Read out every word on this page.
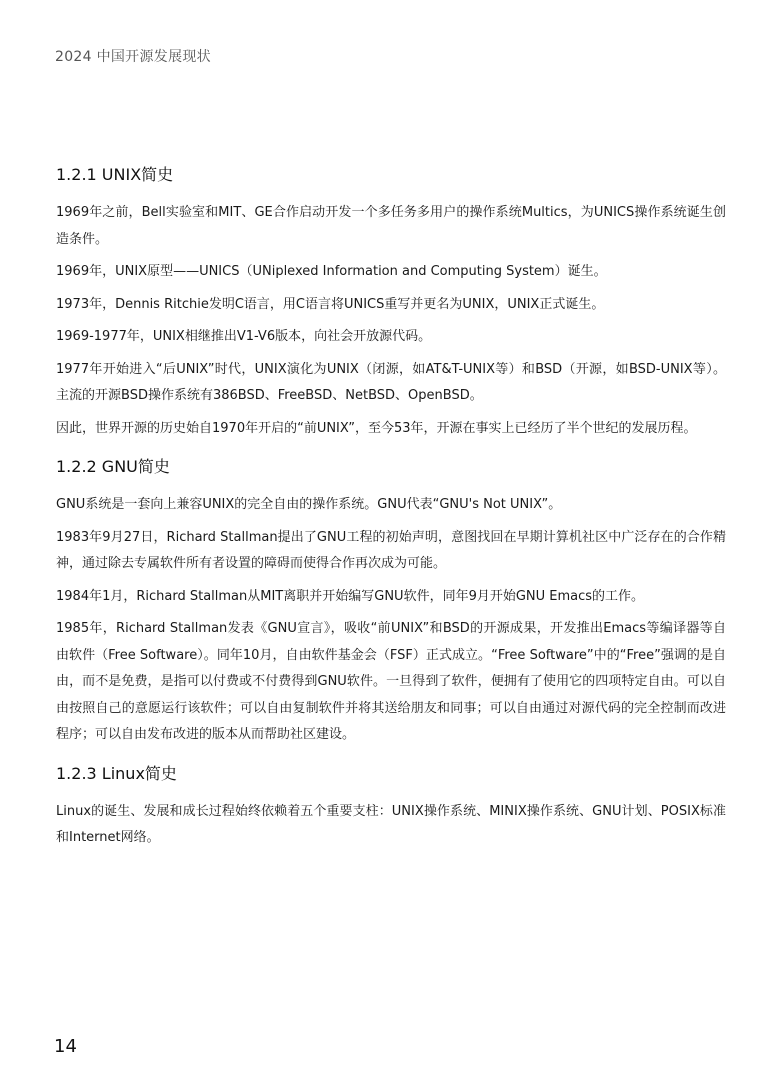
2024 中国开源发展现状
1.2.1 UNIX简史

1969年之前，Bell实验室和MIT、GE合作启动开发一个多任务多用户的操作系统Multics，为UNICS操作系统诞生创造条件。

1969年，UNIX原型——UNICS（UNiplexed Information and Computing System）诞生。

1973年，Dennis Ritchie发明C语言，用C语言将UNICS重写并更名为UNIX，UNIX正式诞生。

1969-1977年，UNIX相继推出V1-V6版本，向社会开放源代码。

1977年开始进入“后UNIX”时代，UNIX演化为UNIX（闭源，如AT&T-UNIX等）和BSD（开源，如BSD-UNIX等）。主流的开源BSD操作系统有386BSD、FreeBSD、NetBSD、OpenBSD。

因此，世界开源的历史始自1970年开启的“前UNIX”，至今53年，开源在事实上已经历了半个世纪的发展历程。

1.2.2 GNU简史

GNU系统是一套向上兼容UNIX的完全自由的操作系统。GNU代表“GNU's Not UNIX”。

1983年9月27日，Richard Stallman提出了GNU工程的初始声明，意图找回在早期计算机社区中广泛存在的合作精神，通过除去专属软件所有者设置的障碍而使得合作再次成为可能。

1984年1月，Richard Stallman从MIT离职并开始编写GNU软件，同年9月开始GNU Emacs的工作。

1985年，Richard Stallman发表《GNU宣言》，吸收“前UNIX”和BSD的开源成果，开发推出Emacs等编译器等自由软件（Free Software）。同年10月，自由软件基金会（FSF）正式成立。“Free Software”中的“Free”强调的是自由，而不是免费，是指可以付费或不付费得到GNU软件。一旦得到了软件，便拥有了使用它的四项特定自由。可以自由按照自己的意愿运行该软件；可以自由复制软件并将其送给朋友和同事；可以自由通过对源代码的完全控制而改进程序；可以自由发布改进的版本从而帮助社区建设。

1.2.3 Linux简史

Linux的诞生、发展和成长过程始终依赖着五个重要支柱：UNIX操作系统、MINIX操作系统、GNU计划、POSIX标准和Internet网络。

14
